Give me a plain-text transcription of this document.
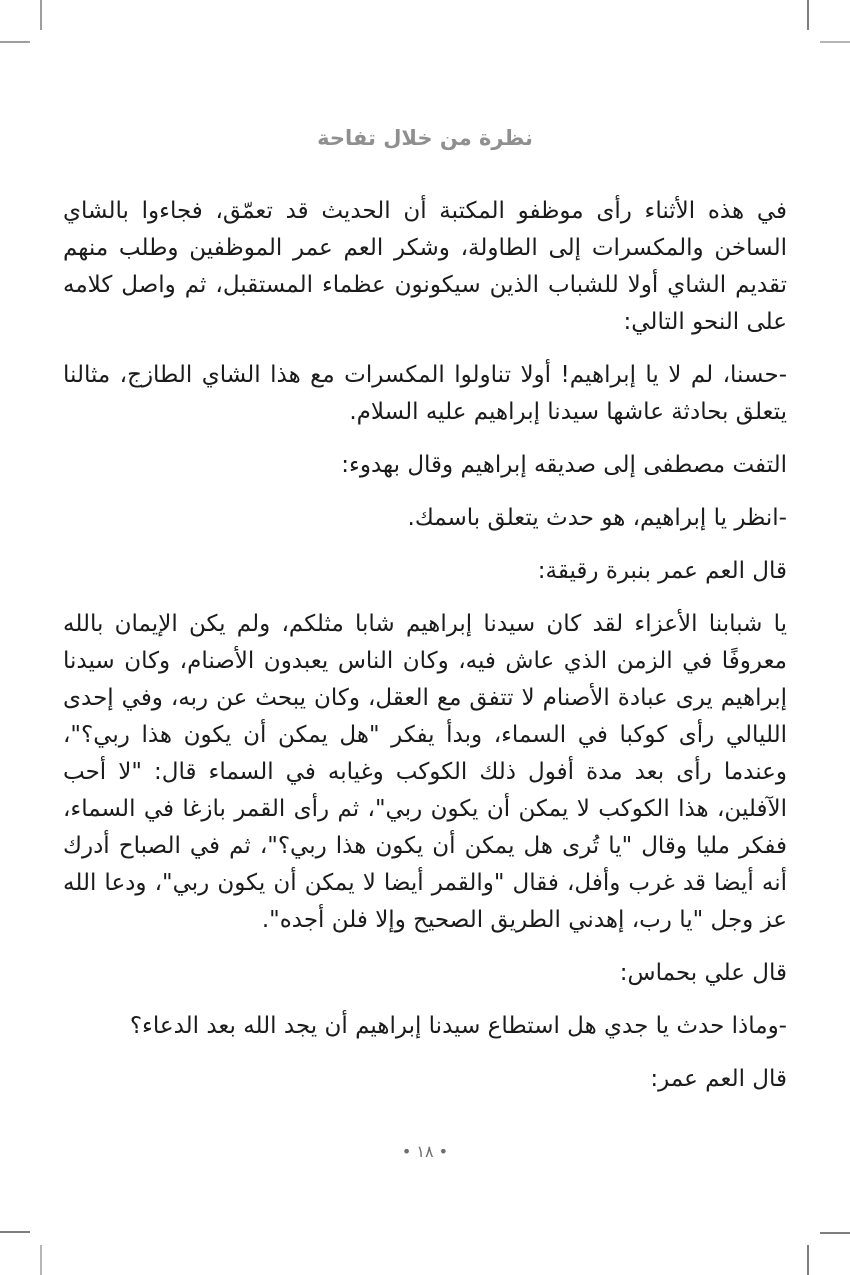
نظرة من خلال تفاحة

في هذه الأثناء رأى موظفو المكتبة أن الحديث قد تعمّق، فجاءوا بالشاي الساخن والمكسرات إلى الطاولة، وشكر العم عمر الموظفين وطلب منهم تقديم الشاي أولا للشباب الذين سيكونون عظماء المستقبل، ثم واصل كلامه على النحو التالي:

-حسنا، لم لا يا إبراهيم! أولا تناولوا المكسرات مع هذا الشاي الطازج، مثالنا يتعلق بحادثة عاشها سيدنا إبراهيم عليه السلام.

التفت مصطفى إلى صديقه إبراهيم وقال بهدوء:

-انظر يا إبراهيم، هو حدث يتعلق باسمك.

قال العم عمر بنبرة رقيقة:

يا شبابنا الأعزاء لقد كان سيدنا إبراهيم شابا مثلكم، ولم يكن الإيمان بالله معروفًا في الزمن الذي عاش فيه، وكان الناس يعبدون الأصنام، وكان سيدنا إبراهيم يرى عبادة الأصنام لا تتفق مع العقل، وكان يبحث عن ربه، وفي إحدى الليالي رأى كوكبا في السماء، وبدأ يفكر "هل يمكن أن يكون هذا ربي؟"، وعندما رأى بعد مدة أفول ذلك الكوكب وغيابه في السماء قال: "لا أحب الآفلين، هذا الكوكب لا يمكن أن يكون ربي"، ثم رأى القمر بازغا في السماء، ففكر مليا وقال "يا تُرى هل يمكن أن يكون هذا ربي؟"، ثم في الصباح أدرك أنه أيضا قد غرب وأفل، فقال "والقمر أيضا لا يمكن أن يكون ربي"، ودعا الله عز وجل "يا رب، إهدني الطريق الصحيح وإلا فلن أجده".

قال علي بحماس:

-وماذا حدث يا جدي هل استطاع سيدنا إبراهيم أن يجد الله بعد الدعاء؟

قال العم عمر:

• ١٨ •
